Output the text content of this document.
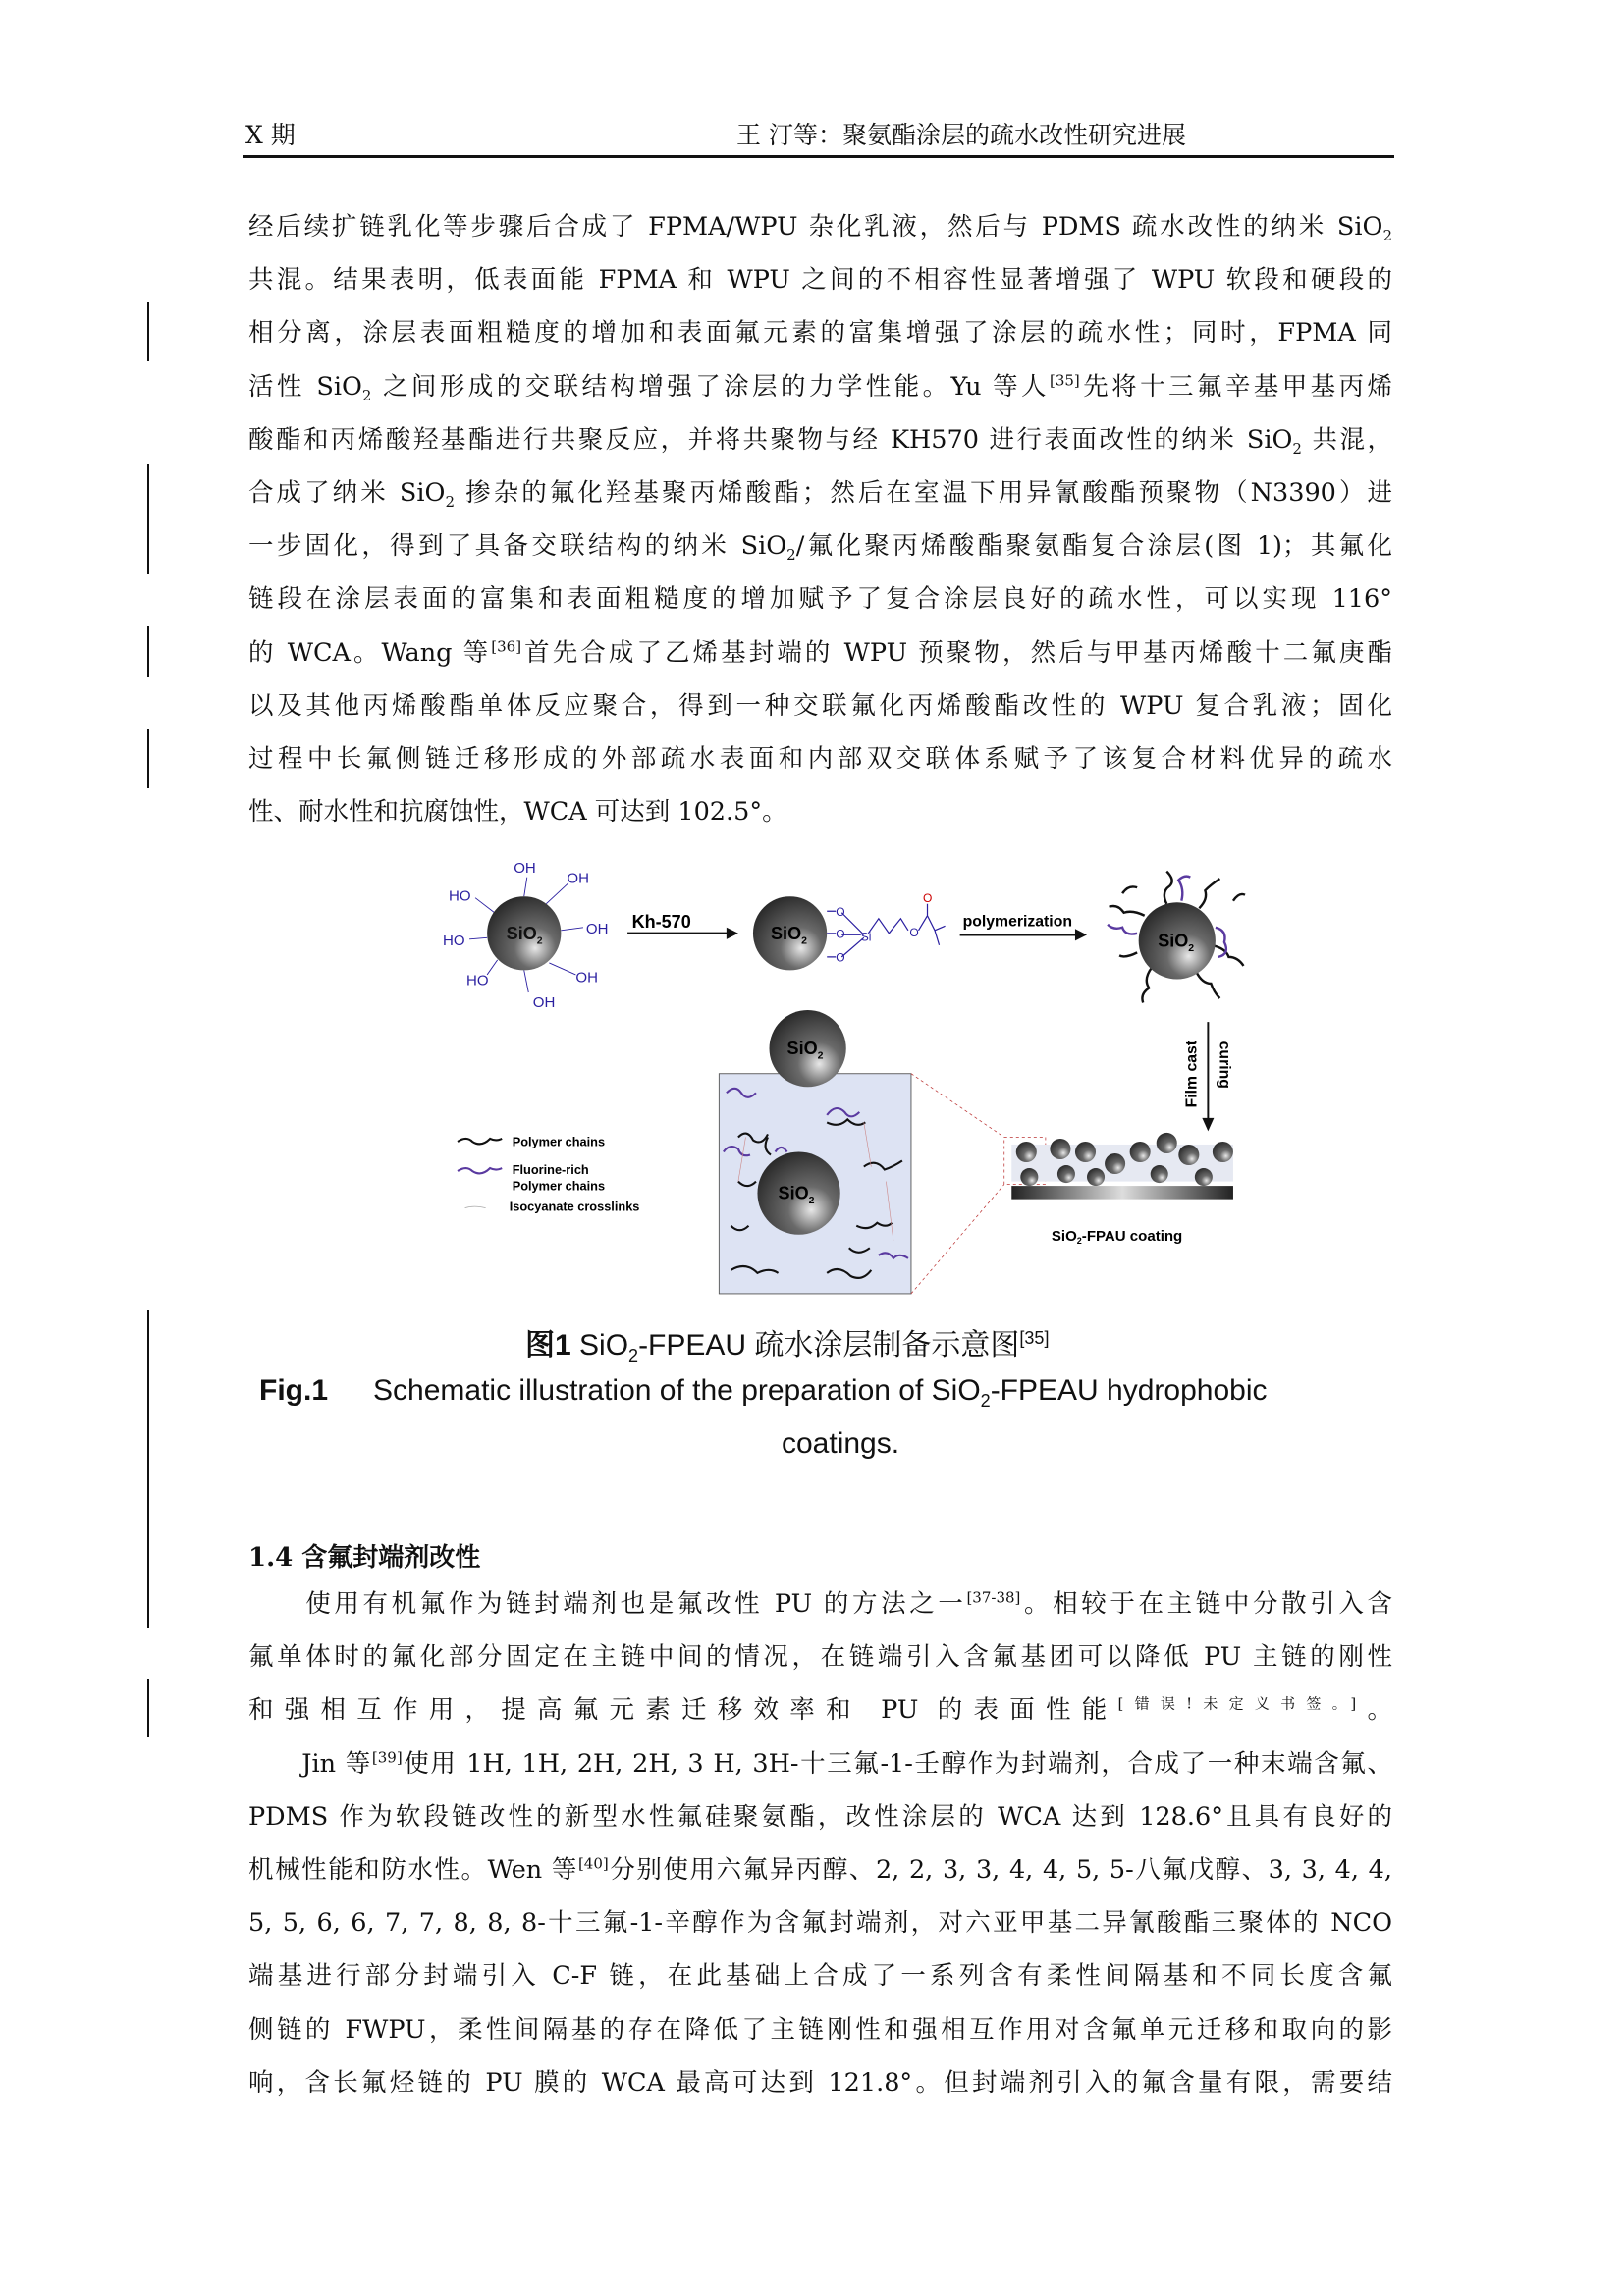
X 期	王 汀等：聚氨酯涂层的疏水改性研究进展
经后续扩链乳化等步骤后合成了 FPMA/WPU 杂化乳液，然后与 PDMS 疏水改性的纳米 SiO$_2$
共混。结果表明，低表面能 FPMA 和 WPU 之间的不相容性显著增强了 WPU 软段和硬段的
相分离，涂层表面粗糙度的增加和表面氟元素的富集增强了涂层的疏水性；同时，FPMA 同
活性 SiO$_2$ 之间形成的交联结构增强了涂层的力学性能。Yu 等人[35]先将十三氟辛基甲基丙烯
酸酯和丙烯酸羟基酯进行共聚反应，并将共聚物与经 KH570 进行表面改性的纳米 SiO$_2$ 共混，
合成了纳米 SiO$_2$ 掺杂的氟化羟基聚丙烯酸酯；然后在室温下用异氰酸酯预聚物（N3390）进
一步固化，得到了具备交联结构的纳米 SiO$_2$/氟化聚丙烯酸酯聚氨酯复合涂层(图 1)；其氟化
链段在涂层表面的富集和表面粗糙度的增加赋予了复合涂层良好的疏水性，可以实现 116°
的 WCA。Wang 等[36]首先合成了乙烯基封端的 WPU 预聚物，然后与甲基丙烯酸十二氟庚酯
以及其他丙烯酸酯单体反应聚合，得到一种交联氟化丙烯酸酯改性的 WPU 复合乳液；固化
过程中长氟侧链迁移形成的外部疏水表面和内部双交联体系赋予了该复合材料优异的疏水
性、耐水性和抗腐蚀性，WCA 可达到 102.5°。
OH
OH
HO
HO
OH
HO	OH
OH
SiO$_2$
Kh-570
SiO$_2$
O
O
O
Si	O
O
polymerization
SiO$_2$
Film cast curing
SiO$_2$
SiO$_2$
SiO$_2$-FPAU coating
Polymer chains
Fluorine-rich
Polymer chains
Isocyanate crosslinks
图1 SiO$_2$-FPEAU 疏水涂层制备示意图[35]
Fig.1 Schematic illustration of the preparation of SiO$_2$-FPEAU hydrophobic
coatings.
1.4 含氟封端剂改性
　　使用有机氟作为链封端剂也是氟改性 PU 的方法之一[37-38]。相较于在主链中分散引入含
氟单体时的氟化部分固定在主链中间的情况，在链端引入含氟基团可以降低 PU 主链的刚性
和强相互作用，提高氟元素迁移效率和 PU 的表面性能[错误!未定义书签。]。
　　Jin 等[39]使用 1H, 1H, 2H, 2H, 3 H, 3H-十三氟-1-壬醇作为封端剂，合成了一种末端含氟、
PDMS 作为软段链改性的新型水性氟硅聚氨酯，改性涂层的 WCA 达到 128.6°且具有良好的
机械性能和防水性。Wen 等[40]分别使用六氟异丙醇、2, 2, 3, 3, 4, 4, 5, 5-八氟戊醇、3, 3, 4, 4,
5, 5, 6, 6, 7, 7, 8, 8, 8-十三氟-1-辛醇作为含氟封端剂，对六亚甲基二异氰酸酯三聚体的 NCO
端基进行部分封端引入 C-F 链，在此基础上合成了一系列含有柔性间隔基和不同长度含氟
侧链的 FWPU，柔性间隔基的存在降低了主链刚性和强相互作用对含氟单元迁移和取向的影
响，含长氟烃链的 PU 膜的 WCA 最高可达到 121.8°。但封端剂引入的氟含量有限，需要结
